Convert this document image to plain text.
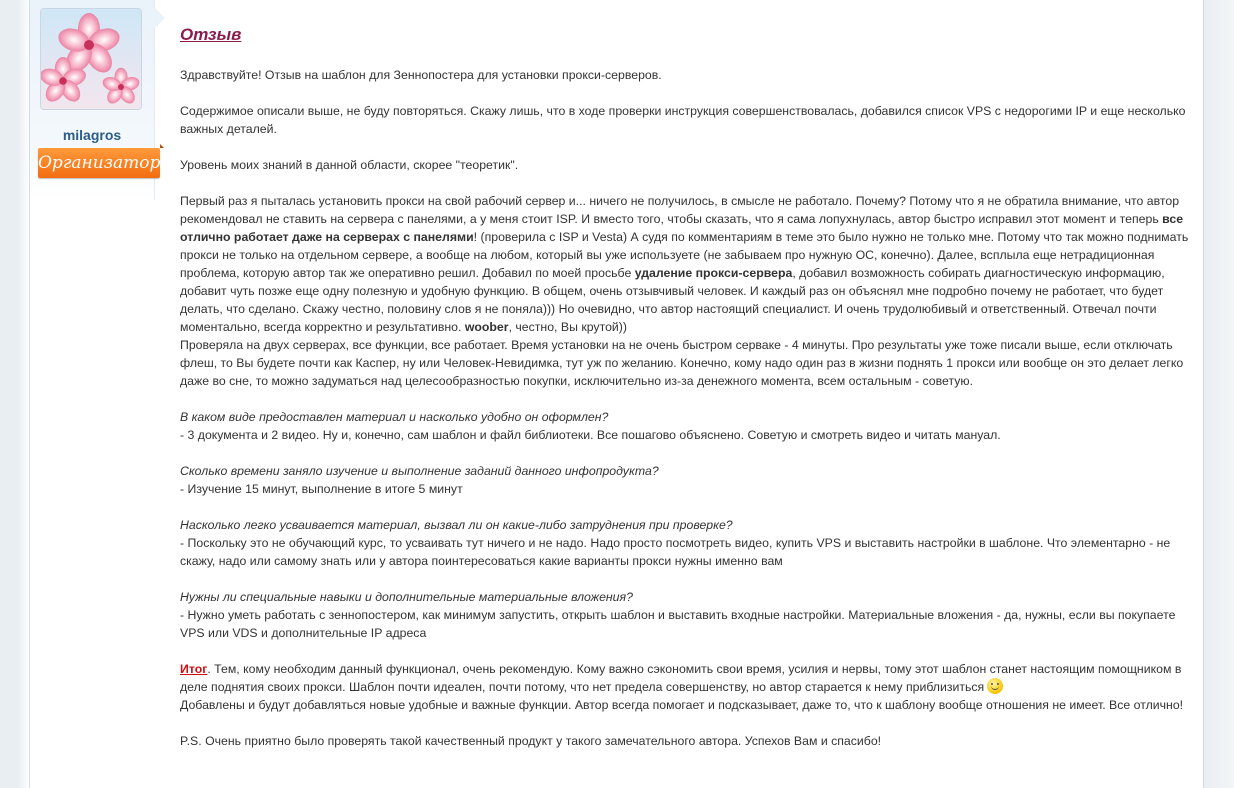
milagros
Организатор
Отзыв

Здравствуйте! Отзыв на шаблон для Зеннопостера для установки прокси-серверов.

Содержимое описали выше, не буду повторяться. Скажу лишь, что в ходе проверки инструкция совершенствовалась, добавился список VPS с недорогими IP и еще несколько важных деталей.

Уровень моих знаний в данной области, скорее "теоретик".

Первый раз я пыталась установить прокси на свой рабочий сервер и... ничего не получилось, в смысле не работало. Почему? Потому что я не обратила внимание, что автор рекомендовал не ставить на сервера с панелями, а у меня стоит ISP. И вместо того, чтобы сказать, что я сама лопухнулась, автор быстро исправил этот момент и теперь все отлично работает даже на серверах с панелями! (проверила с ISP и Vesta) А судя по комментариям в теме это было нужно не только мне. Потому что так можно поднимать прокси не только на отдельном сервере, а вообще на любом, который вы уже используете (не забываем про нужную ОС, конечно). Далее, всплыла еще нетрадиционная проблема, которую автор так же оперативно решил. Добавил по моей просьбе удаление прокси-сервера, добавил возможность собирать диагностическую информацию, добавит чуть позже еще одну полезную и удобную функцию. В общем, очень отзывчивый человек. И каждый раз он объяснял мне подробно почему не работает, что будет делать, что сделано. Скажу честно, половину слов я не поняла))) Но очевидно, что автор настоящий специалист. И очень трудолюбивый и ответственный. Отвечал почти моментально, всегда корректно и результативно. woober, честно, Вы крутой))
Проверяла на двух серверах, все функции, все работает. Время установки на не очень быстром серваке - 4 минуты. Про результаты уже тоже писали выше, если отключать флеш, то Вы будете почти как Каспер, ну или Человек-Невидимка, тут уж по желанию. Конечно, кому надо один раз в жизни поднять 1 прокси или вообще он это делает легко даже во сне, то можно задуматься над целесообразностью покупки, исключительно из-за денежного момента, всем остальным - советую.

В каком виде предоставлен материал и насколько удобно он оформлен?
- 3 документа и 2 видео. Ну и, конечно, сам шаблон и файл библиотеки. Все пошагово объяснено. Советую и смотреть видео и читать мануал.

Сколько времени заняло изучение и выполнение заданий данного инфопродукта?
- Изучение 15 минут, выполнение в итоге 5 минут

Насколько легко усваивается материал, вызвал ли он какие-либо затруднения при проверке?
- Поскольку это не обучающий курс, то усваивать тут ничего и не надо. Надо просто посмотреть видео, купить VPS и выставить настройки в шаблоне. Что элементарно - не скажу, надо или самому знать или у автора поинтересоваться какие варианты прокси нужны именно вам

Нужны ли специальные навыки и дополнительные материальные вложения?
- Нужно уметь работать с зеннопостером, как минимум запустить, открыть шаблон и выставить входные настройки. Материальные вложения - да, нужны, если вы покупаете VPS или VDS и дополнительные IP адреса

Итог. Тем, кому необходим данный функционал, очень рекомендую. Кому важно сэкономить свои время, усилия и нервы, тому этот шаблон станет настоящим помощником в деле поднятия своих прокси. Шаблон почти идеален, почти потому, что нет предела совершенству, но автор старается к нему приблизиться
Добавлены и будут добавляться новые удобные и важные функции. Автор всегда помогает и подсказывает, даже то, что к шаблону вообще отношения не имеет. Все отлично!

P.S. Очень приятно было проверять такой качественный продукт у такого замечательного автора. Успехов Вам и спасибо!
